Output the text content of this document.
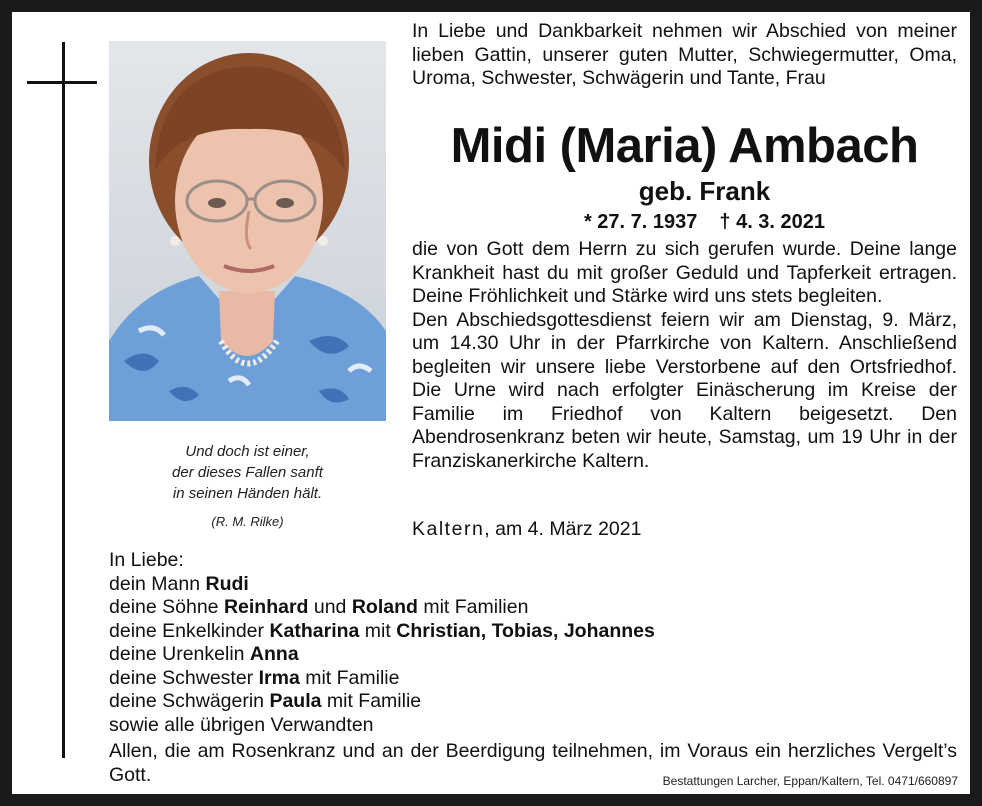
Und doch ist einer,
der dieses Fallen sanft
in seinen Händen hält.
(R. M. Rilke)
In Liebe und Dankbarkeit nehmen wir Abschied von meiner lieben Gattin, unserer guten Mutter, Schwiegermutter, Oma, Uroma, Schwester, Schwägerin und Tante, Frau
Midi (Maria) Ambach
geb. Frank
* 27. 7. 1937 † 4. 3. 2021
die von Gott dem Herrn zu sich gerufen wurde. Deine lange Krankheit hast du mit großer Geduld und Tapferkeit ertragen. Deine Fröhlichkeit und Stärke wird uns stets begleiten.
Den Abschiedsgottesdienst feiern wir am Dienstag, 9. März, um 14.30 Uhr in der Pfarrkirche von Kaltern. Anschließend begleiten wir unsere liebe Verstorbene auf den Ortsfriedhof. Die Urne wird nach erfolgter Einäscherung im Kreise der Familie im Friedhof von Kaltern beigesetzt. Den Abendrosenkranz beten wir heute, Samstag, um 19 Uhr in der Franziskanerkirche Kaltern.
Kaltern, am 4. März 2021
In Liebe:
dein Mann Rudi
deine Söhne Reinhard und Roland mit Familien
deine Enkelkinder Katharina mit Christian, Tobias, Johannes
deine Urenkelin Anna
deine Schwester Irma mit Familie
deine Schwägerin Paula mit Familie
sowie alle übrigen Verwandten
Allen, die am Rosenkranz und an der Beerdigung teilnehmen, im Voraus ein herzliches Vergelt’s Gott.	Bestattungen Larcher, Eppan/Kaltern, Tel. 0471/660897
